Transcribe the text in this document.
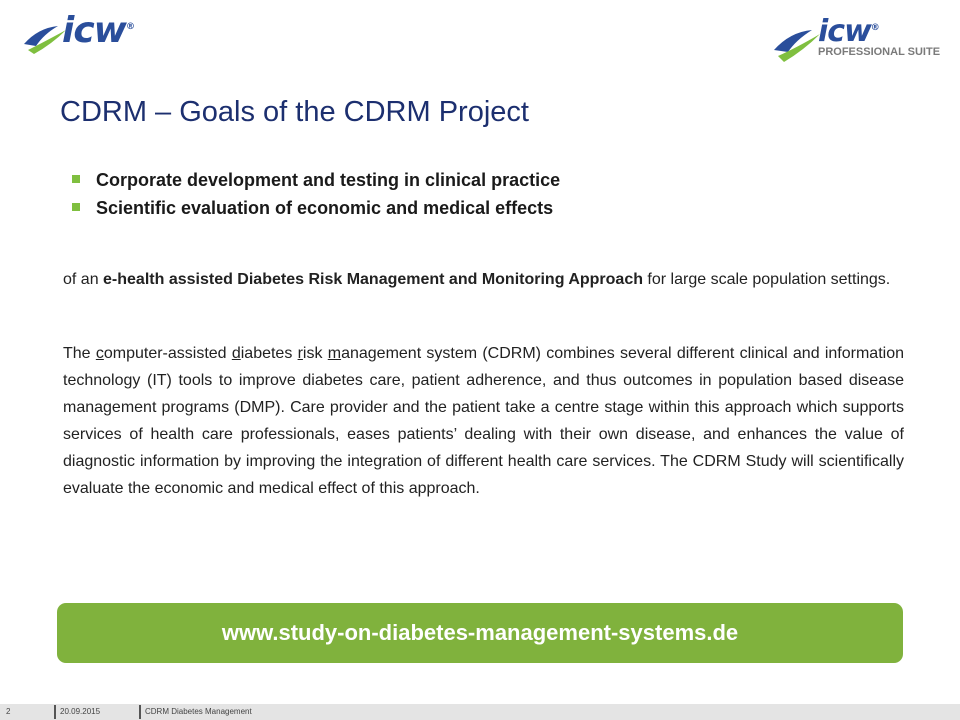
icw®	icw®
PROFESSIONAL SUITE
CDRM – Goals of the CDRM Project
Corporate development and testing in clinical practice
Scientific evaluation of economic and medical effects

of an e-health assisted Diabetes Risk Management and Monitoring Approach for large scale population settings.

The computer-assisted diabetes risk management system (CDRM) combines several different clinical and information technology (IT) tools to improve diabetes care, patient adherence, and thus outcomes in population based disease management programs (DMP). Care provider and the patient take a centre stage within this approach which supports services of health care professionals, eases patients’ dealing with their own disease, and enhances the value of diagnostic information by improving the integration of different health care services. The CDRM Study will scientifically evaluate the economic and medical effect of this approach.

www.study-on-diabetes-management-systems.de
2	20.09.2015	CDRM Diabetes Management
